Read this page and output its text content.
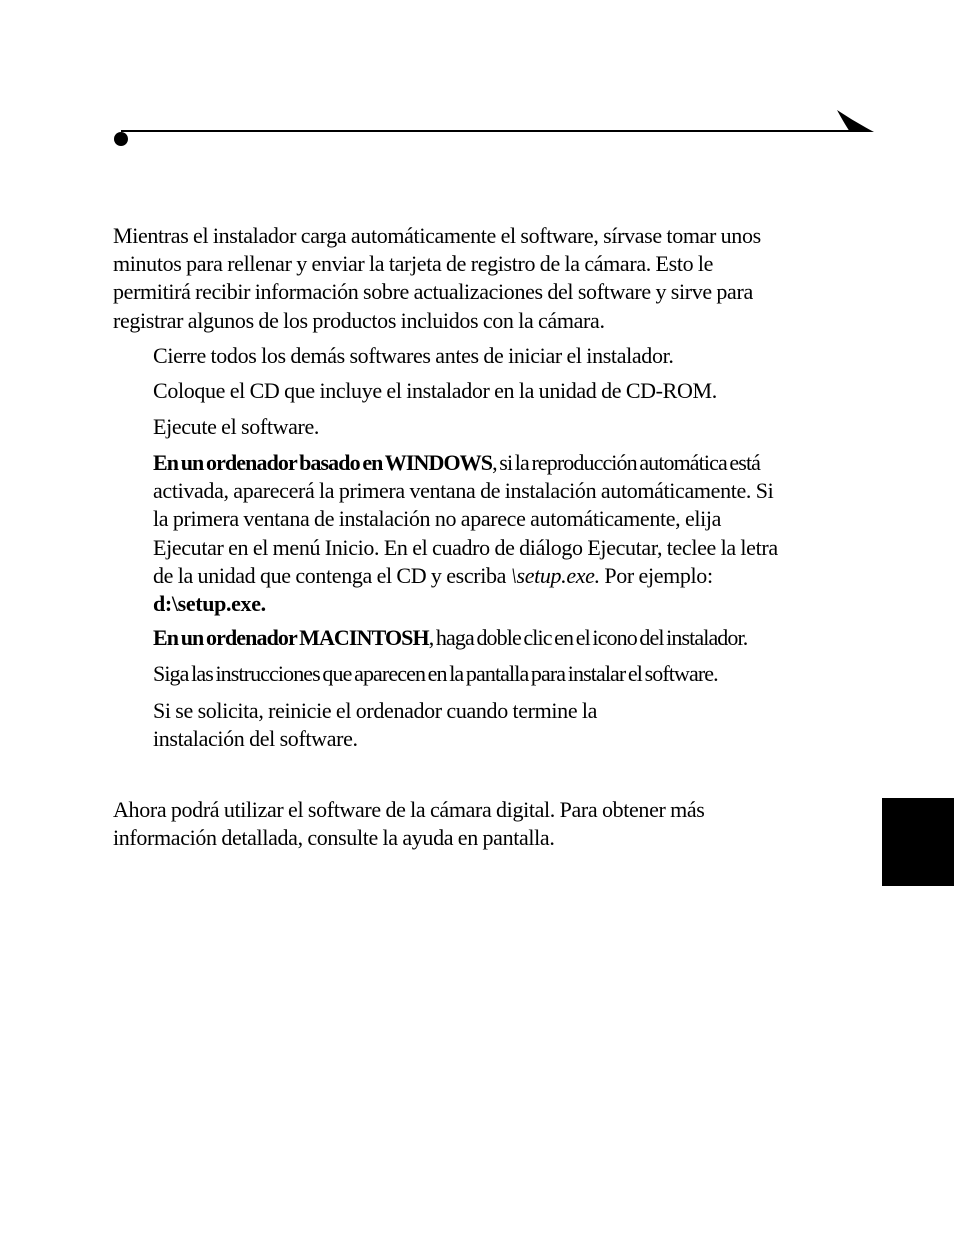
Mientras el instalador carga automáticamente el software, sírvase tomar unos
minutos para rellenar y enviar la tarjeta de registro de la cámara. Esto le
permitirá recibir información sobre actualizaciones del software y sirve para
registrar algunos de los productos incluidos con la cámara.
Cierre todos los demás softwares antes de iniciar el instalador.
Coloque el CD que incluye el instalador en la unidad de CD-ROM.
Ejecute el software.
En un ordenador basado en WINDOWS, si la reproducción automática está
activada, aparecerá la primera ventana de instalación automáticamente. Si
la primera ventana de instalación no aparece automáticamente, elija
Ejecutar en el menú Inicio. En el cuadro de diálogo Ejecutar, teclee la letra
de la unidad que contenga el CD y escriba \setup.exe. Por ejemplo:
d:\setup.exe.
En un ordenador MACINTOSH, haga doble clic en el icono del instalador.
Siga las instrucciones que aparecen en la pantalla para instalar el software.
Si se solicita, reinicie el ordenador cuando termine la
instalación del software.
Ahora podrá utilizar el software de la cámara digital. Para obtener más
información detallada, consulte la ayuda en pantalla.
